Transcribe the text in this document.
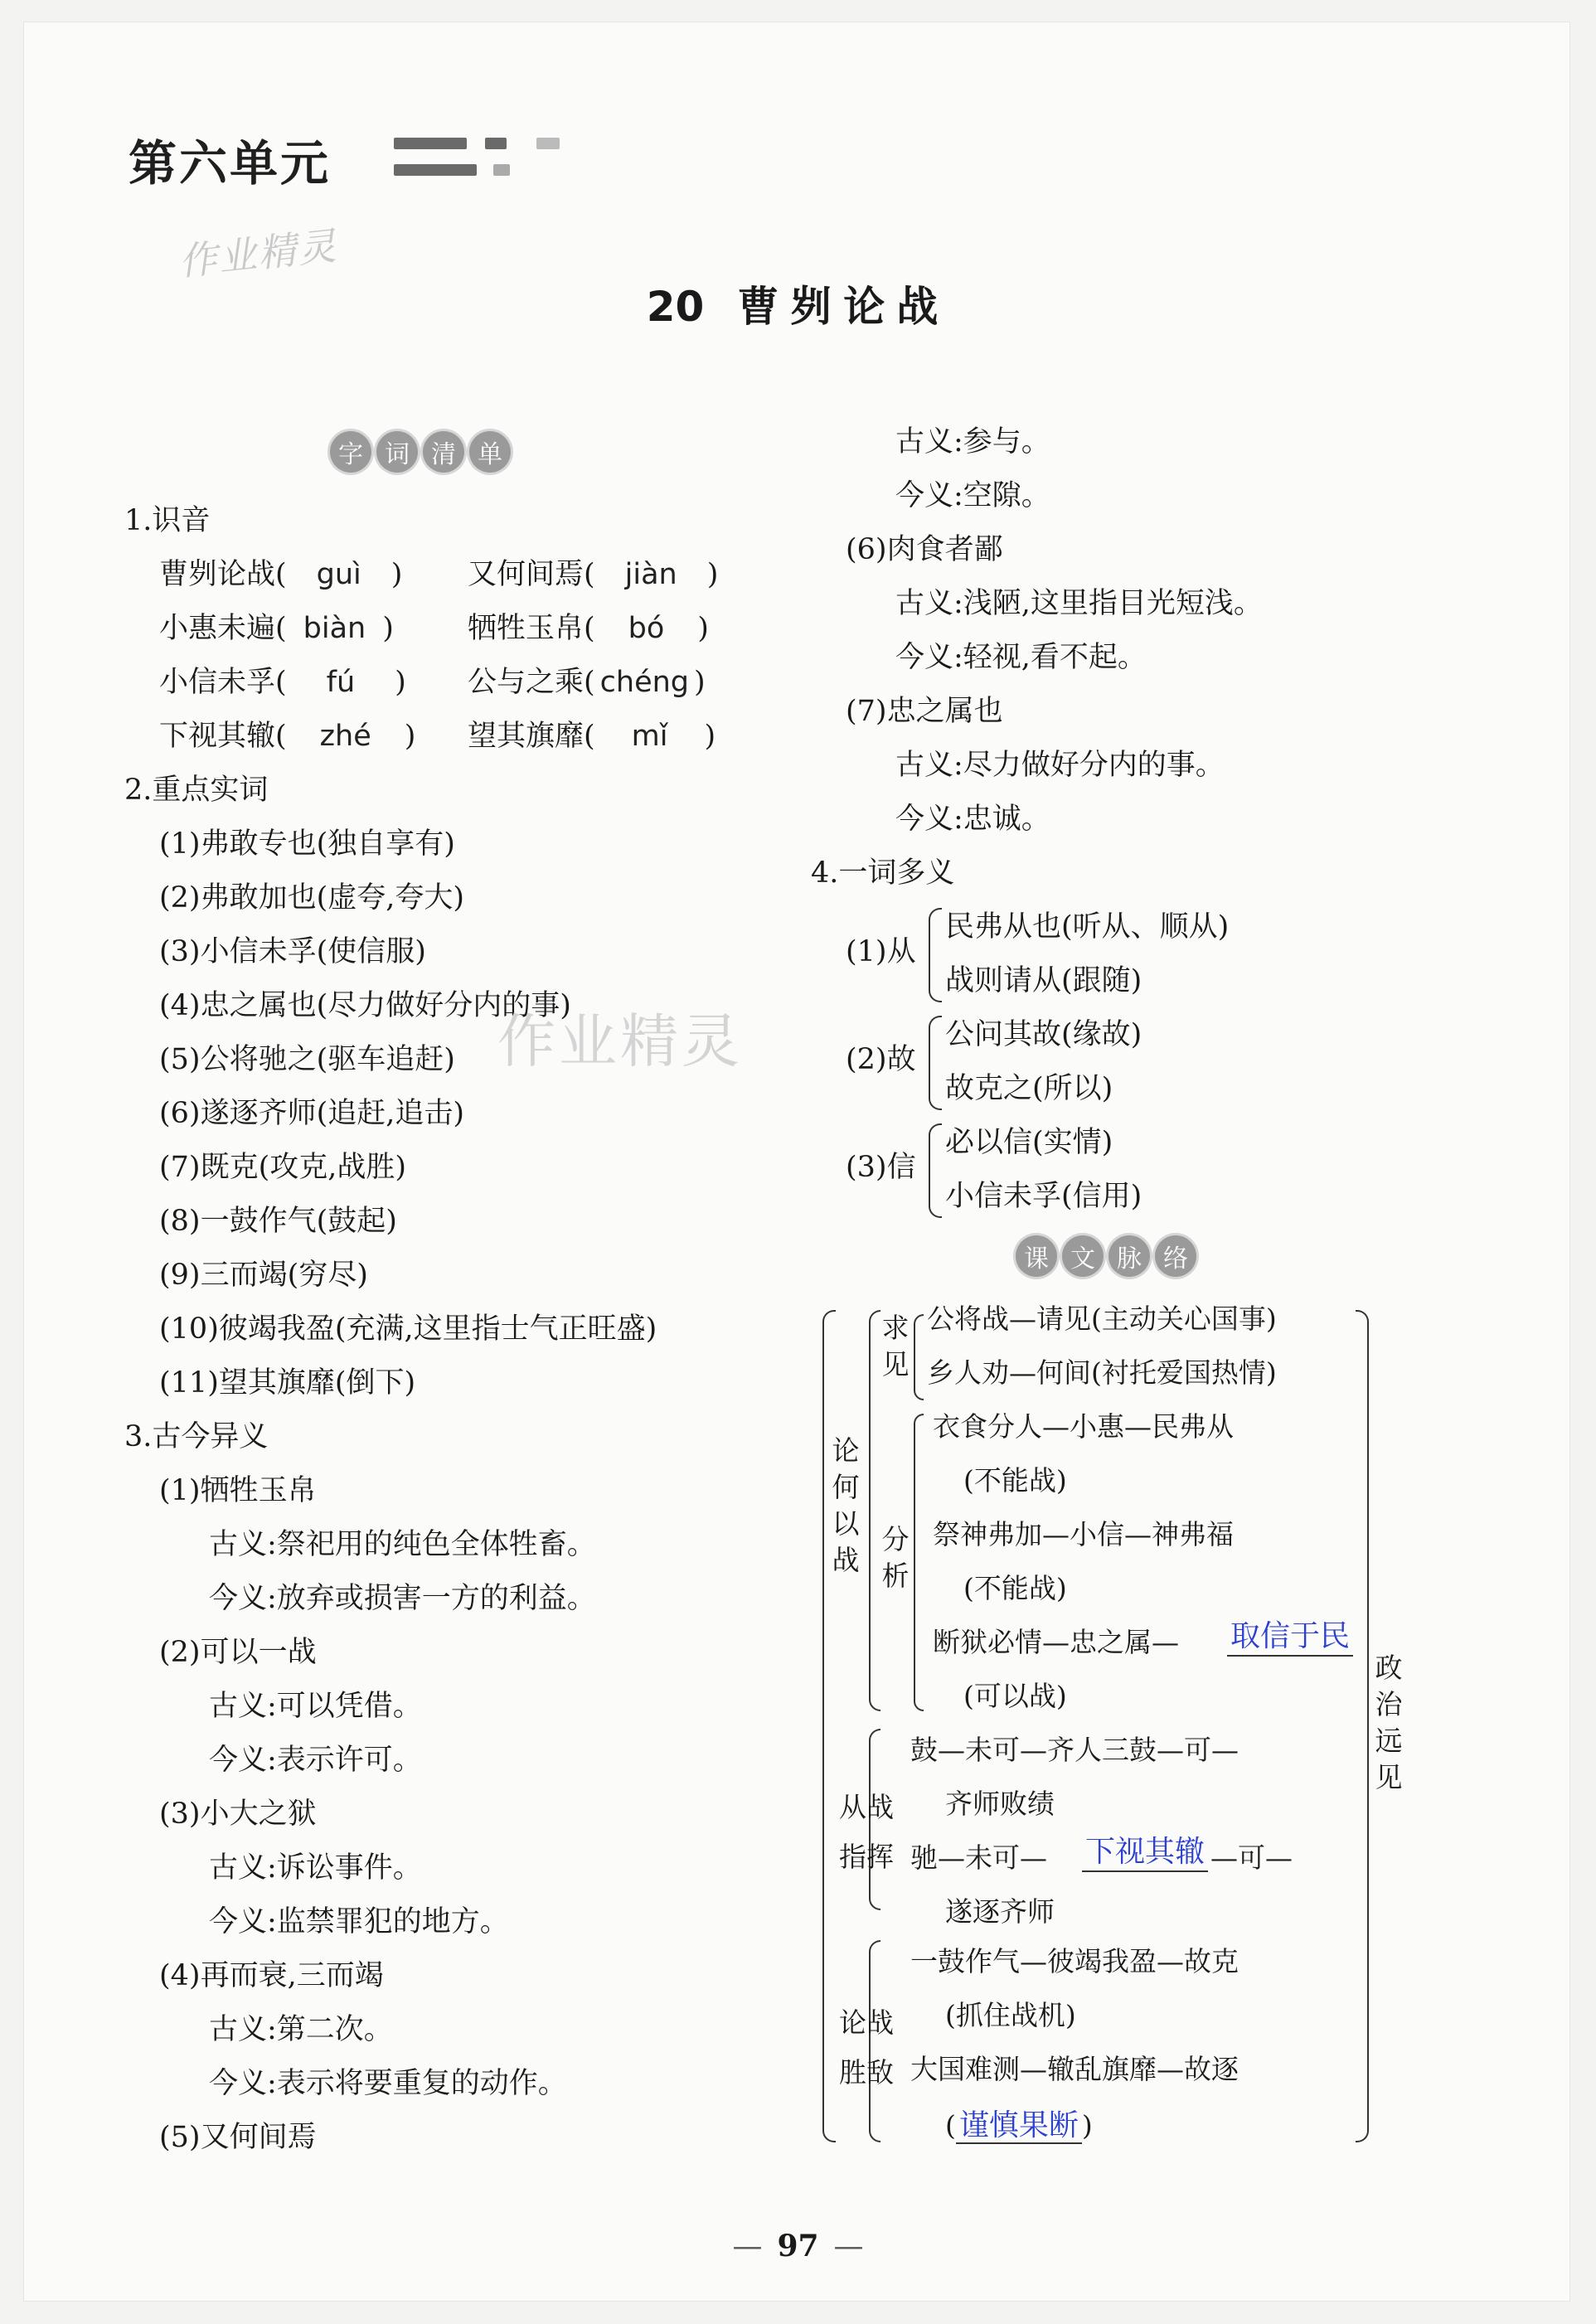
第六单元
作业精灵
20 曹刿论战
字 词 清 单
1.识音
曹刿论战( guì ) 又何间焉( jiàn )
小惠未遍( biàn )	牺牲玉帛( bó )
小信未孚( fú ) 公与之乘( chéng )
下视其辙( zhé ) 望其旗靡( mǐ )
2.重点实词
(1)弗敢专也(独自享有)
(2)弗敢加也(虚夸,夸大)
(3)小信未孚(使信服)
(4)忠之属也(尽力做好分内的事)
(5)公将驰之(驱车追赶)
(6)遂逐齐师(追赶,追击)
(7)既克(攻克,战胜)
(8)一鼓作气(鼓起)
(9)三而竭(穷尽)
(10)彼竭我盈(充满,这里指士气正旺盛)
(11)望其旗靡(倒下)
3.古今异义
(1)牺牲玉帛
古义:祭祀用的纯色全体牲畜。
今义:放弃或损害一方的利益。
(2)可以一战
古义:可以凭借。
今义:表示许可。
(3)小大之狱
古义:诉讼事件。
今义:监禁罪犯的地方。
(4)再而衰,三而竭
古义:第二次。
今义:表示将要重复的动作。
(5)又何间焉
作业精灵
古义:参与。
今义:空隙。
(6)肉食者鄙
古义:浅陋,这里指目光短浅。
今义:轻视,看不起。
(7)忠之属也
古义:尽力做好分内的事。
今义:忠诚。
4.一词多义
(1)从
民弗从也(听从、顺从)
战则请从(跟随)
(2)故
公问其故(缘故)
故克之(所以)
(3)信
必以信(实情)
小信未孚(信用)
课 文 脉 络
论何以战
求见
公将战—请见(主动关心国事)
乡人劝—何间(衬托爱国热情)
分析
衣食分人—小惠—民弗从
(不能战)
祭神弗加—小信—神弗福
(不能战)
断狱必情—忠之属— 取信于民
(可以战)
政治远见
从战指挥
鼓—未可—齐人三鼓—可—
齐师败绩
驰—未可— 下视其辙 —可—
遂逐齐师
论战胜敌
一鼓作气—彼竭我盈—故克
(抓住战机)
大国难测—辙乱旗靡—故逐
( 谨慎果断 )
— 97 —
